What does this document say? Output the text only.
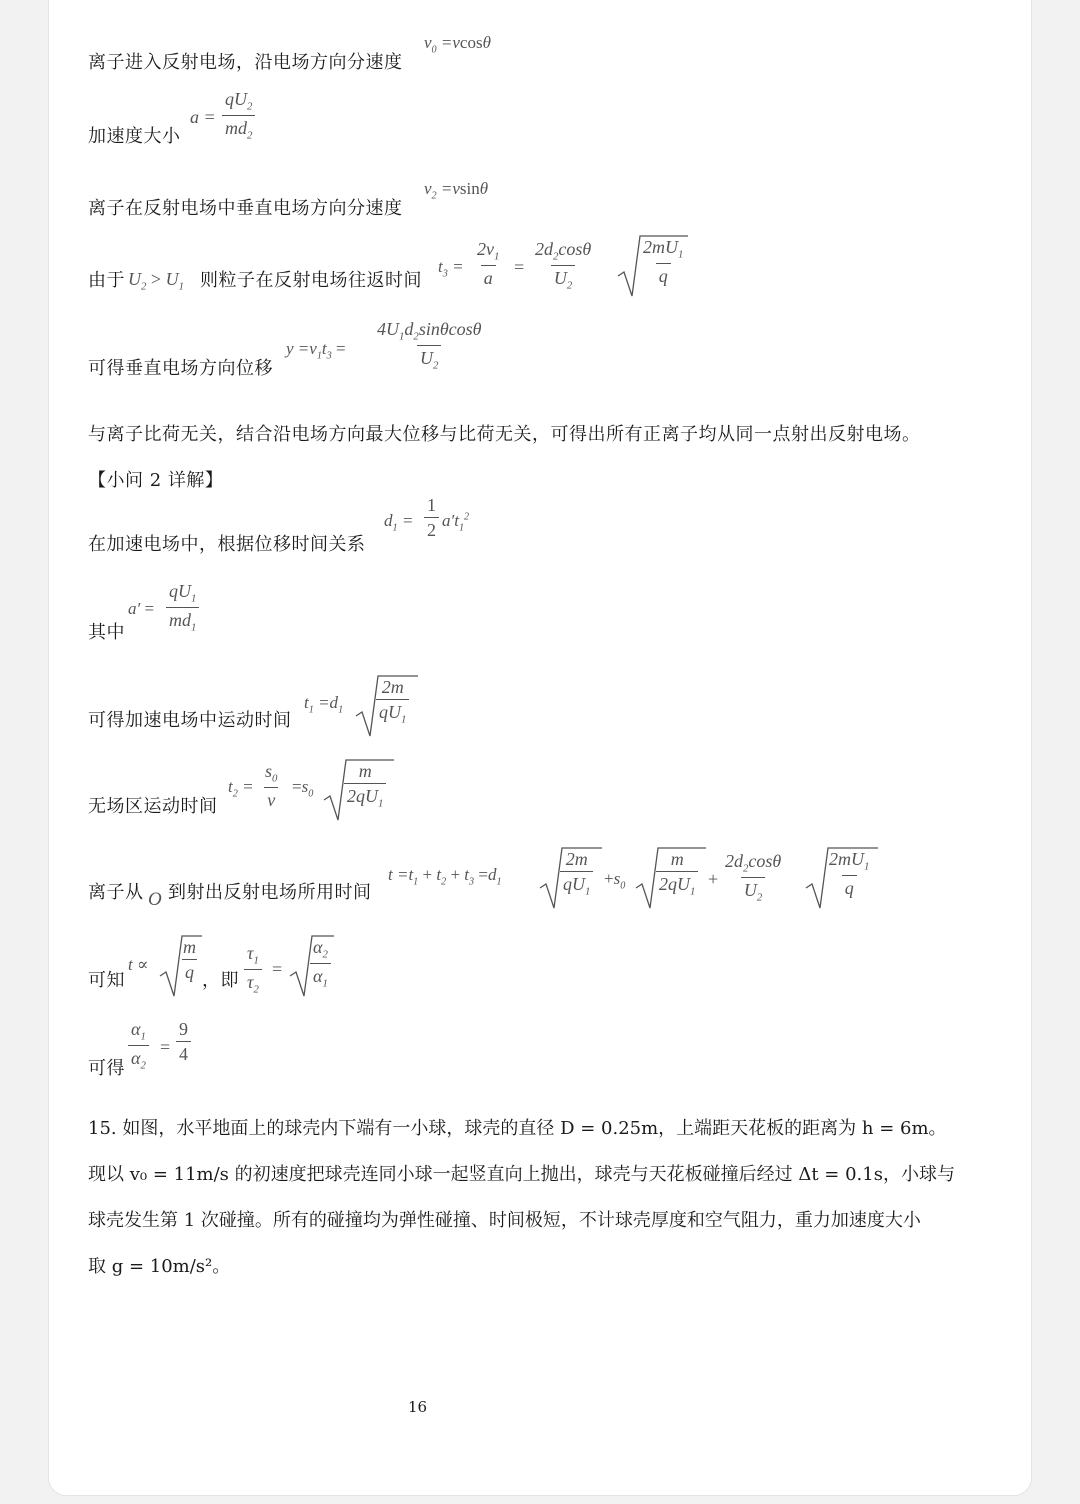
离子进入反射电场，沿电场方向分速度
$v_0 =vcos\theta$
加速度大小
a =
$qU_2$
$md_2$
离子在反射电场中垂直电场方向分速度
$v_2 =vsin\theta$
由于 $U_2 > U_1$ 则粒子在反射电场往返时间
$t_3$ =
$2v_1$
a
=
$2d_2\cos\theta$
$U_2$
$2mU_1$
q
可得垂直电场方向位移
$y =v_1t_3$ =
$4U_1d_2\sin\theta\cos\theta$
$U_2$
与离子比荷无关，结合沿电场方向最大位移与比荷无关，可得出所有正离子均从同一点射出反射电场。
【小问 2 详解】
在加速电场中，根据位移时间关系
$d_1$ =
1
2 $a't_1^2$
其中
a′ =
$qU_1$
$md_1$
可得加速电场中运动时间
$t_1 =d_1$
2m
$qU_1$
无场区运动时间
$t_2$ =
$s_0$
v
$=s_0$
m
$2qU_1$
离子从 O 到射出反射电场所用时间
$t =t_1 + t_2 + t_3 =d_1$
2m
$qU_1$
$+s_0$
m
$2qU_1$
+
$2d_2\cos\theta$
$U_2$
$2mU_1$
q
可知
t ∝
m
q ，即
$\tau_1$
$\tau_2$
=
$\alpha_2$
$\alpha_1$
可得
$\alpha_1$
$\alpha_2$
=
9
4
15. 如图，水平地面上的球壳内下端有一小球，球壳的直径 D = 0.25m，上端距天花板的距离为 h = 6m。
现以 v₀ = 11m/s 的初速度把球壳连同小球一起竖直向上抛出，球壳与天花板碰撞后经过 Δt = 0.1s，小球与
球壳发生第 1 次碰撞。所有的碰撞均为弹性碰撞、时间极短，不计球壳厚度和空气阻力，重力加速度大小
取 g = 10m/s²。
16
